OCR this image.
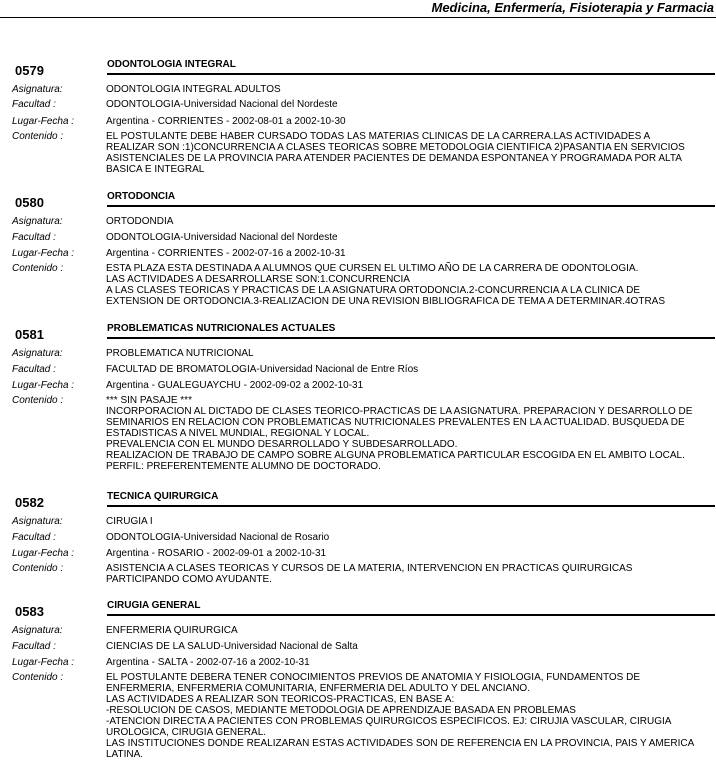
Medicina, Enfermería, Fisioterapia y Farmacia
0579	ODONTOLOGIA INTEGRAL
Asignatura:	ODONTOLOGIA INTEGRAL ADULTOS
Facultad :	ODONTOLOGIA-Universidad Nacional del Nordeste
Lugar-Fecha :	Argentina - CORRIENTES - 2002-08-01 a 2002-10-30
Contenido :	EL POSTULANTE DEBE HABER CURSADO TODAS LAS MATERIAS CLINICAS DE LA CARRERA.LAS ACTIVIDADES A
REALIZAR SON :1)CONCURRENCIA A CLASES TEORICAS SOBRE METODOLOGIA CIENTIFICA 2)PASANTIA EN SERVICIOS
ASISTENCIALES DE LA PROVINCIA PARA ATENDER PACIENTES DE DEMANDA ESPONTANEA Y PROGRAMADA POR ALTA
BASICA E INTEGRAL
0580	ORTODONCIA
Asignatura:	ORTODONDIA
Facultad :	ODONTOLOGIA-Universidad Nacional del Nordeste
Lugar-Fecha :	Argentina - CORRIENTES - 2002-07-16 a 2002-10-31
Contenido :	ESTA PLAZA ESTA DESTINADA A ALUMNOS QUE CURSEN EL ULTIMO AÑO DE LA CARRERA DE ODONTOLOGIA.
LAS ACTIVIDADES A DESARROLLARSE SON:1.CONCURRENCIA
A LAS CLASES TEORICAS Y PRACTICAS DE LA ASIGNATURA ORTODONCIA.2-CONCURRENCIA A LA CLINICA DE
EXTENSION DE ORTODONCIA.3-REALIZACION DE UNA REVISION BIBLIOGRAFICA DE TEMA A DETERMINAR.4OTRAS
0581	PROBLEMATICAS NUTRICIONALES ACTUALES
Asignatura:	PROBLEMATICA NUTRICIONAL
Facultad :	FACULTAD DE BROMATOLOGIA-Universidad Nacional de Entre Ríos
Lugar-Fecha :	Argentina - GUALEGUAYCHU - 2002-09-02 a 2002-10-31
Contenido :	*** SIN PASAJE ***
INCORPORACION AL DICTADO DE CLASES TEORICO-PRACTICAS DE LA ASIGNATURA. PREPARACION Y DESARROLLO DE
SEMINARIOS EN RELACION CON PROBLEMATICAS NUTRICIONALES PREVALENTES EN LA ACTUALIDAD. BUSQUEDA DE
ESTADISTICAS A NIVEL MUNDIAL, REGIONAL Y LOCAL.
PREVALENCIA CON EL MUNDO DESARROLLADO Y SUBDESARROLLADO.
REALIZACION DE TRABAJO DE CAMPO SOBRE ALGUNA PROBLEMATICA PARTICULAR ESCOGIDA EN EL AMBITO LOCAL.
PERFIL: PREFERENTEMENTE ALUMNO DE DOCTORADO.
0582	TECNICA QUIRURGICA
Asignatura:	CIRUGIA I
Facultad :	ODONTOLOGIA-Universidad Nacional de Rosario
Lugar-Fecha :	Argentina - ROSARIO - 2002-09-01 a 2002-10-31
Contenido :	ASISTENCIA A CLASES TEORICAS Y CURSOS DE LA MATERIA, INTERVENCION EN PRACTICAS QUIRURGICAS
PARTICIPANDO COMO AYUDANTE.
0583	CIRUGIA GENERAL
Asignatura:	ENFERMERIA QUIRURGICA
Facultad :	CIENCIAS DE LA SALUD-Universidad Nacional de Salta
Lugar-Fecha :	Argentina - SALTA - 2002-07-16 a 2002-10-31
Contenido :	EL POSTULANTE DEBERA TENER CONOCIMIENTOS PREVIOS DE ANATOMIA Y FISIOLOGIA, FUNDAMENTOS DE
ENFERMERIA, ENFERMERIA COMUNITARIA, ENFERMERIA DEL ADULTO Y DEL ANCIANO.
LAS ACTIVIDADES A REALIZAR SON TEORICOS-PRACTICAS, EN BASE A:
-RESOLUCION DE CASOS, MEDIANTE METODOLOGIA DE APRENDIZAJE BASADA EN PROBLEMAS
-ATENCION DIRECTA A PACIENTES CON PROBLEMAS QUIRURGICOS ESPECIFICOS. EJ: CIRUJIA VASCULAR, CIRUGIA
UROLOGICA, CIRUGIA GENERAL.
LAS INSTITUCIONES DONDE REALIZARAN ESTAS ACTIVIDADES SON DE REFERENCIA EN LA PROVINCIA, PAIS Y AMERICA
LATINA.
